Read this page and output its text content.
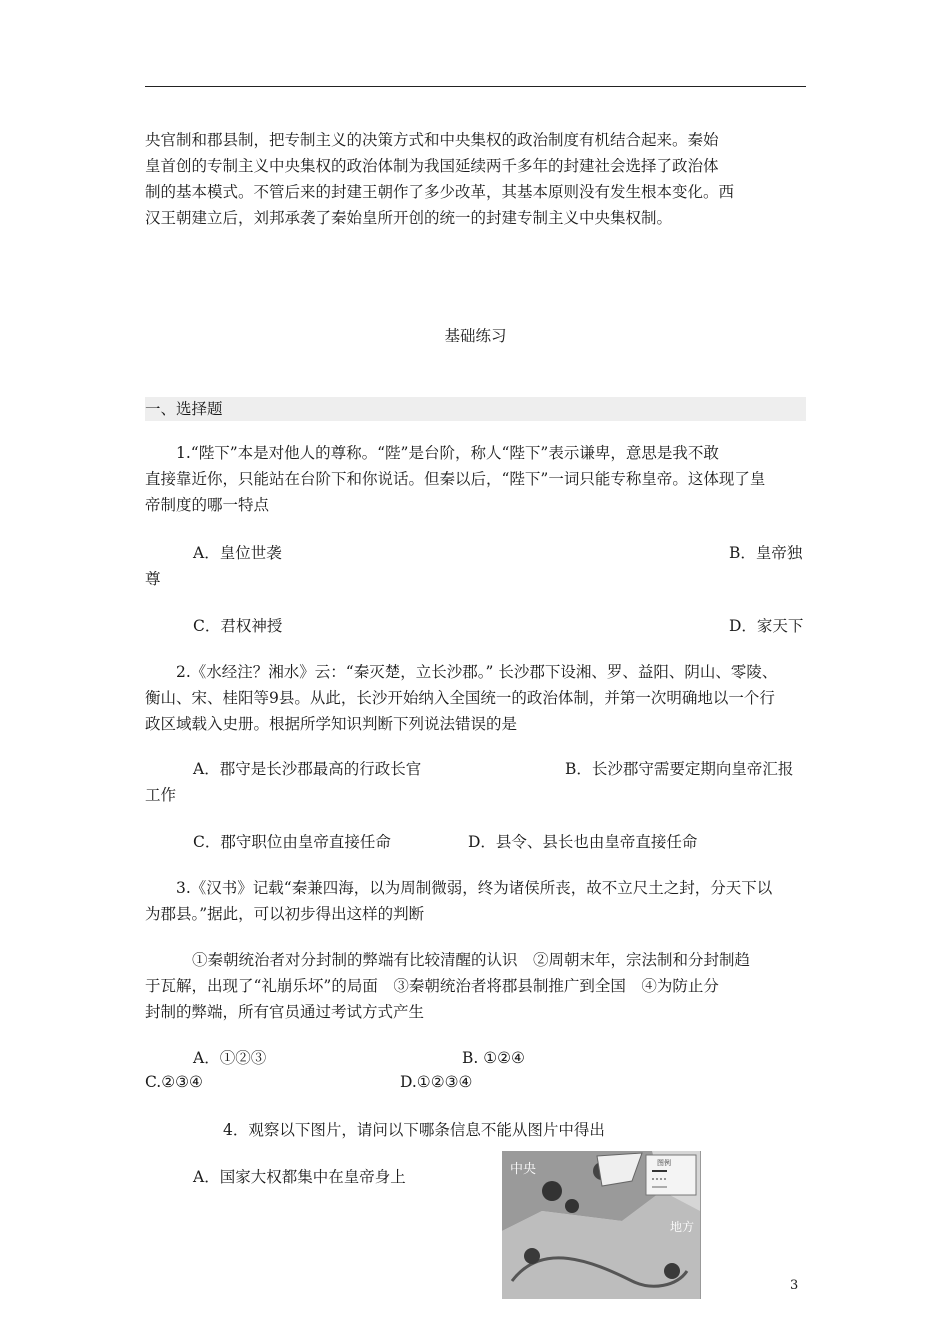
央官制和郡县制，把专制主义的决策方式和中央集权的政治制度有机结合起来。秦始
皇首创的专制主义中央集权的政治体制为我国延续两千多年的封建社会选择了政治体
制的基本模式。不管后来的封建王朝作了多少改革，其基本原则没有发生根本变化。西
汉王朝建立后，刘邦承袭了秦始皇所开创的统一的封建专制主义中央集权制。
基础练习
一、选择题
1.“陛下”本是对他人的尊称。“陛”是台阶，称人“陛下”表示谦卑，意思是我不敢
直接靠近你，只能站在台阶下和你说话。但秦以后，“陛下”一词只能专称皇帝。这体现了皇
帝制度的哪一特点
A．皇位世袭	B．皇帝独
尊
C．君权神授	D．家天下
2.《水经注？湘水》云：“秦灭楚，立长沙郡。” 长沙郡下设湘、罗、益阳、阴山、零陵、
衡山、宋、桂阳等9县。从此，长沙开始纳入全国统一的政治体制，并第一次明确地以一个行
政区域载入史册。根据所学知识判断下列说法错误的是
A．郡守是长沙郡最高的行政长官	B．长沙郡守需要定期向皇帝汇报
工作
C．郡守职位由皇帝直接任命	D．县令、县长也由皇帝直接任命
3.《汉书》记载“秦兼四海，以为周制微弱，终为诸侯所丧，故不立尺土之封，分天下以
为郡县。”据此，可以初步得出这样的判断
①秦朝统治者对分封制的弊端有比较清醒的认识　②周朝末年，宗法制和分封制趋
于瓦解，出现了“礼崩乐坏”的局面　③秦朝统治者将郡县制推广到全国　④为防止分
封制的弊端，所有官员通过考试方式产生
A．①②③	B. ①②④
C.②③④	D.①②③④
4．观察以下图片，请问以下哪条信息不能从图片中得出
A．国家大权都集中在皇帝身上	中央
地方
图例
3
